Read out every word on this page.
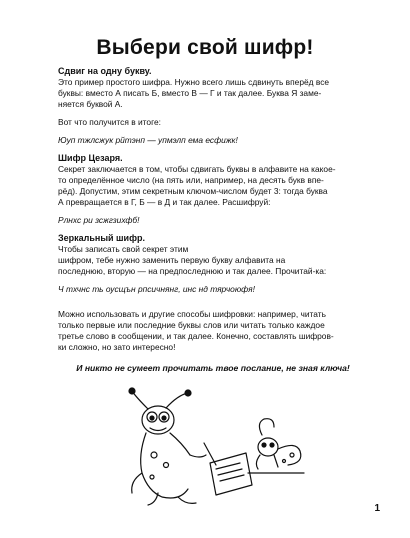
Выбери свой шифр!
Сдвиг на одну букву.
Это пример простого шифра. Нужно всего лишь сдвинуть вперёд все
буквы: вместо А писать Б, вместо В — Г и так далее. Буква Я заме-
няется буквой А.
Вот что получится в итоге:
Юуп тжлсжук рйтэнп — упмэлп ема есфижк!
Шифр Цезаря.
Секрет заключается в том, чтобы сдвигать буквы в алфавите на какое-
то определённое число (на пять или, например, на десять букв впе-
рёд). Допустим, этим секретным ключом-числом будет 3: тогда буква
А превращается в Г, Б — в Д и так далее. Расшифруй:
Рлнхс ри зсжгзихфб!
Зеркальный шифр.
Чтобы записать свой секрет этим
шифром, тебе нужно заменить первую букву алфавита на
последнюю, вторую — на предпоследнюю и так далее. Прочитай-ка:
Ч тхчнс ть оусщън рпсичнянг, инс нд тярчоюфя!
Можно использовать и другие способы шифровки: например, читать
только первые или последние буквы слов или читать только каждое
третье слово в сообщении, и так далее. Конечно, составлять шифров-
ки сложно, но зато интересно!
И никто не сумеет прочитать твое послание, не зная ключа!
1
